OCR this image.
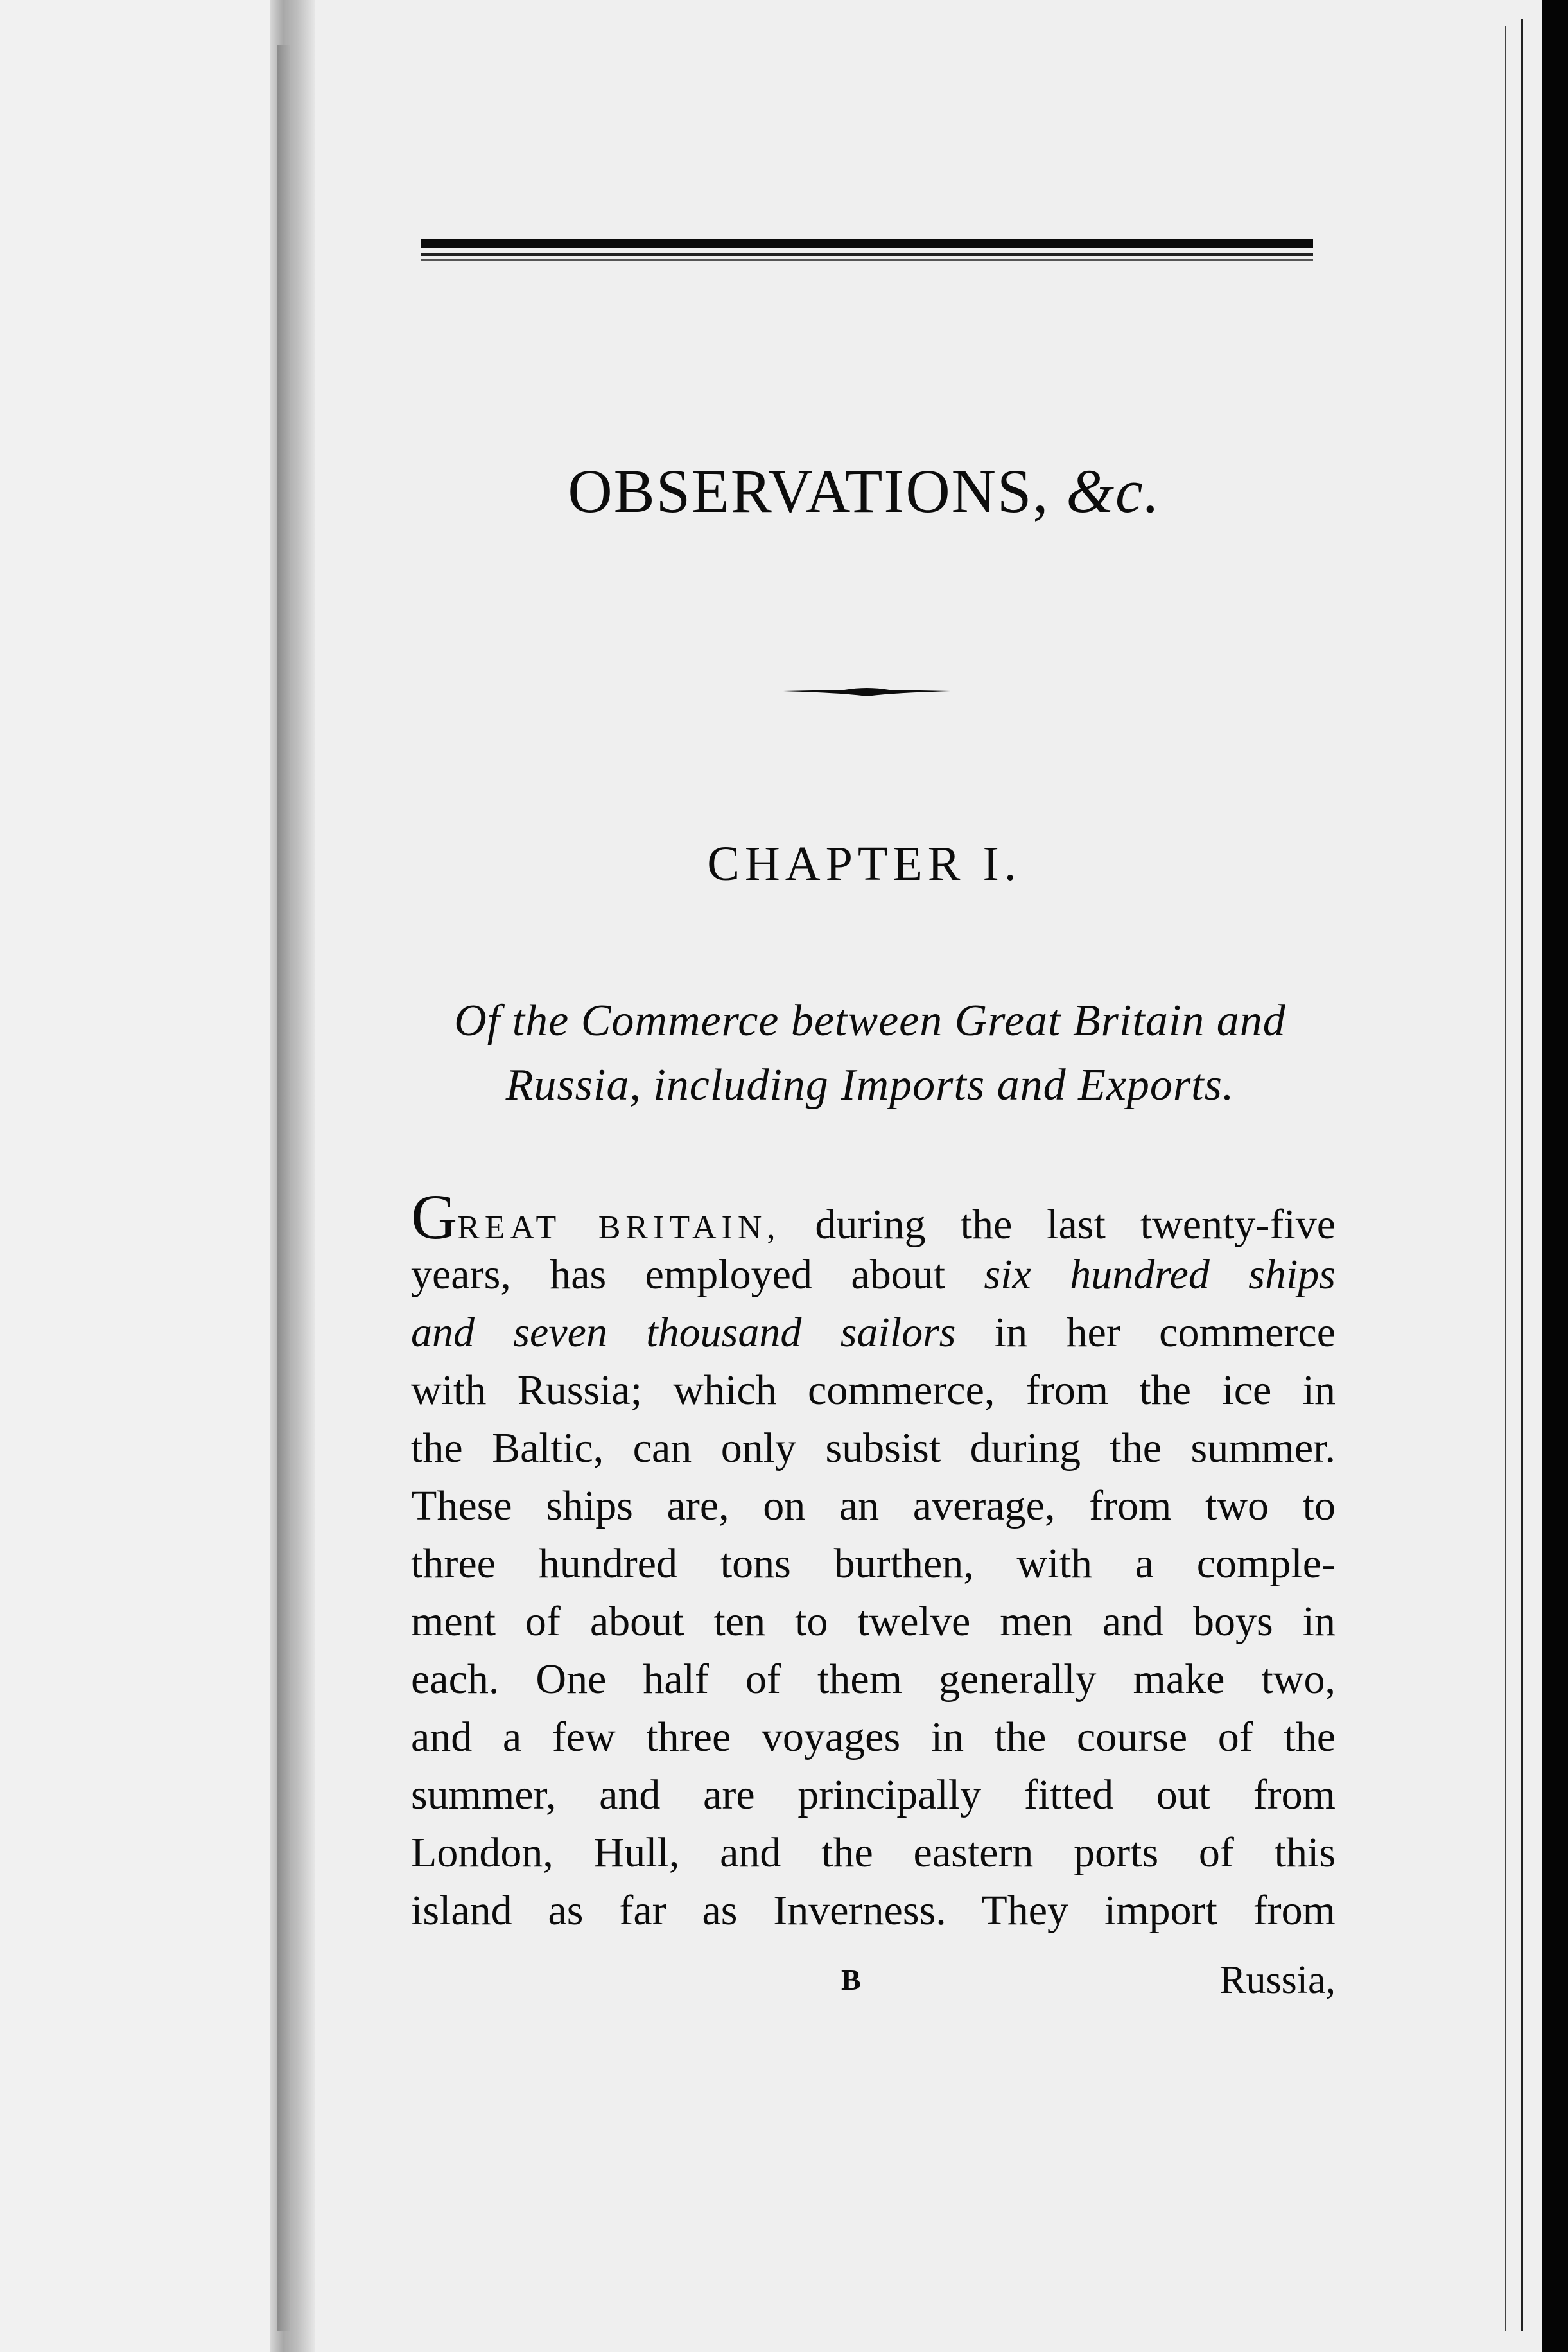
OBSERVATIONS, &c.
CHAPTER I.
Of the Commerce between Great Britain and
Russia, including Imports and Exports.
GREAT BRITAIN, during the last twenty-five
years, has employed about six hundred ships
and seven thousand sailors in her commerce
with Russia; which commerce, from the ice in
the Baltic, can only subsist during the summer.
These ships are, on an average, from two to
three hundred tons burthen, with a comple-
ment of about ten to twelve men and boys in
each. One half of them generally make two,
and a few three voyages in the course of the
summer, and are principally fitted out from
London, Hull, and the eastern ports of this
island as far as Inverness. They import from
B	Russia,
